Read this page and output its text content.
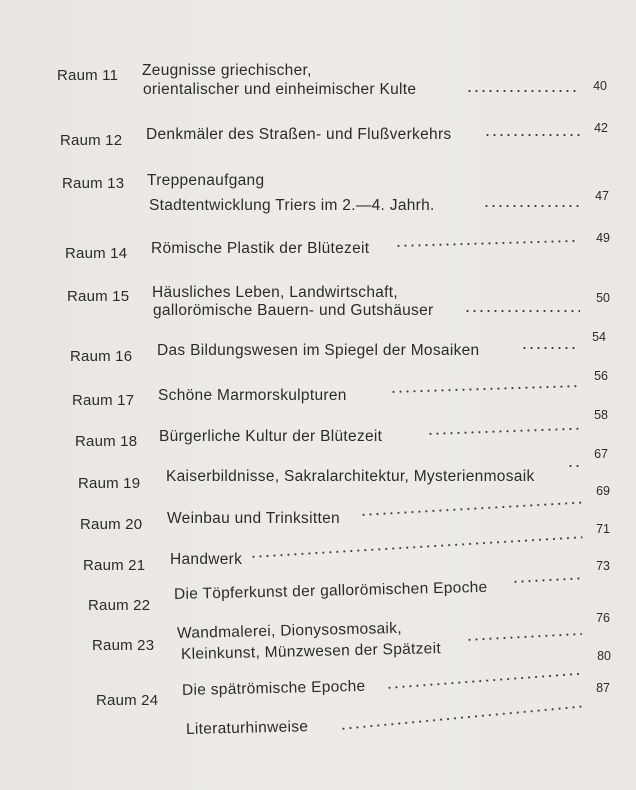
Raum 11 Zeugnisse griechischer,
orientalischer und einheimischer Kulte	40
Raum 12 Denkmäler des Straßen- und Flußverkehrs	42
Raum 13 Treppenaufgang
Stadtentwicklung Triers im 2.—4. Jahrh.
47
Raum 14 Römische Plastik der Blütezeit
49
Raum 15 Häusliches Leben, Landwirtschaft,
gallorömische Bauern- und Gutshäuser
50
Raum 16 Das Bildungswesen im Spiegel der Mosaiken
54
Raum 17 Schöne Marmorskulpturen
56
Raum 18 Bürgerliche Kultur der Blütezeit
58
Raum 19 Kaiserbildnisse, Sakralarchitektur, Mysterienmosaik
67
Raum 20 Weinbau und Trinksitten
69
Raum 21 Handwerk
71
Raum 22
Die Töpferkunst der gallorömischen Epoche
73
Raum 23
Wandmalerei, Dionysosmosaik,
Kleinkunst, Münzwesen der Spätzeit
76
Raum 24
Die spätrömische Epoche
80
Literaturhinweise
87
